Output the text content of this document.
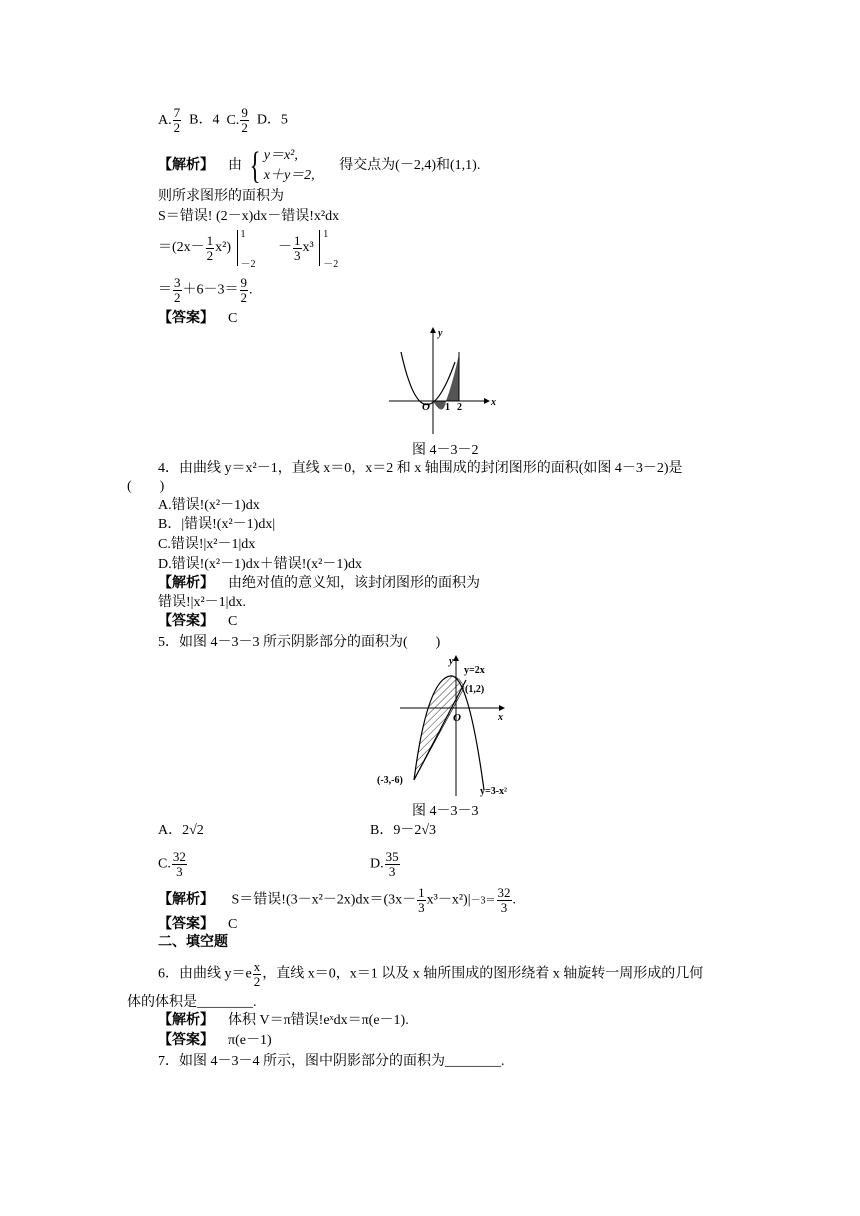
A. $\frac{7}{2}$ B．4 C. $\frac{9}{2}$ D．5
【解析】 由 { y＝x²,
x＋y＝2,
得交点为(－2,4)和(1,1).
则所求图形的面积为
S＝错误! (2－x)dx－错误!x²dx
$=(2x- \frac{1}{2} x^2)$
1
－2
－ $\frac{1}{3} x^3$
1
－2
＝ $\frac{3}{2} +6-3= \frac{9}{2}$ .
【答案】 C
y
x
O 1 2
图 4－3－2
4．由曲线 y＝x²－1，直线 x＝0，x＝2 和 x 轴围成的封闭图形的面积(如图 4－3－2)是
(　　)
A.错误!(x²－1)dx
B．|错误!(x²－1)dx|
C.错误!|x²－1|dx
D.错误!(x²－1)dx＋错误!(x²－1)dx
【解析】 由绝对值的意义知，该封闭图形的面积为
错误!|x²－1|dx.
【答案】 C
5．如图 4－3－3 所示阴影部分的面积为(　　)
y
x
O
y=2x
(1,2)
(-3,-6)
y=3-x²
图 4－3－3
A．2√2	B．9－2√3
C. $\frac{32}{3}$	D. $\frac{35}{3}$
【解析】 S＝错误$!(3-x^2-2x)dx=(3x- \frac{1}{3} x^3-x^2)|-3= \frac{32}{3}$ .
【答案】 C
二、填空题
6．由曲线 $y=e \frac{x}{2}$ ，直线 x＝0，x＝1 以及 x 轴所围成的图形绕着 x 轴旋转一周形成的几何
体的体积是________.
【解析】 体积 V＝π错误!eˣdx＝π(e－1).
【答案】 π(e－1)
7．如图 4－3－4 所示，图中阴影部分的面积为________.
